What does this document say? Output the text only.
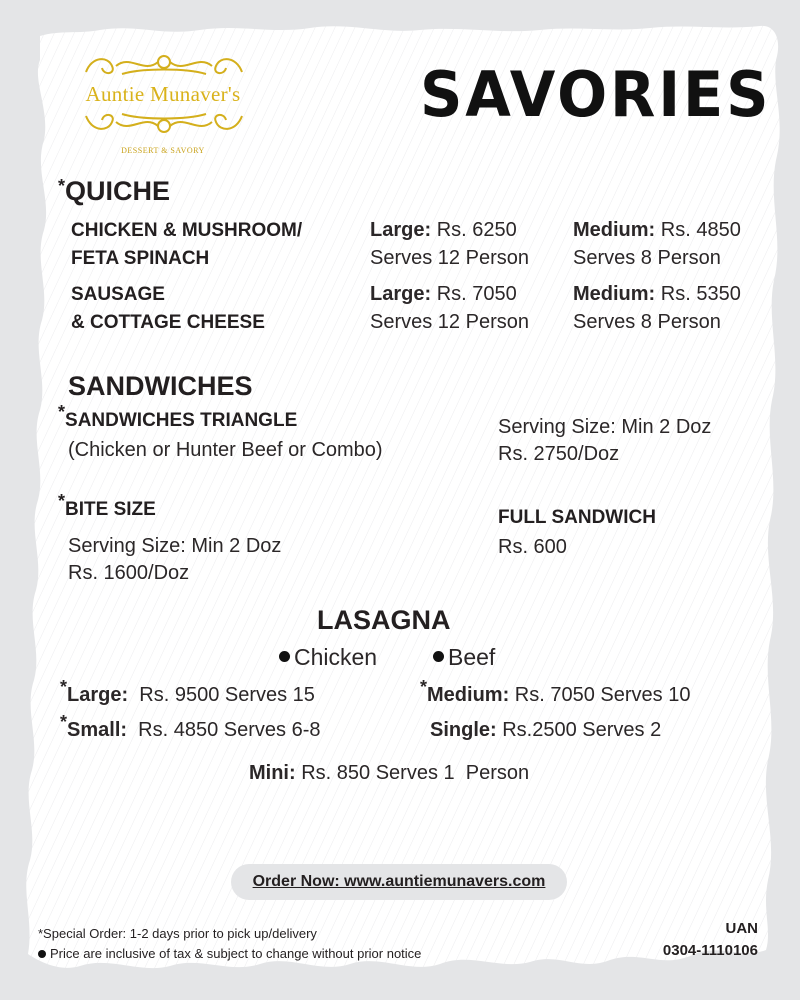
Auntie Munaver's
DESSERT & SAVORY
SAVORIES
*QUICHE
CHICKEN & MUSHROOM/
FETA SPINACH
Large: Rs. 6250
Serves 12 Person
Medium: Rs. 4850
Serves 8 Person
SAUSAGE
& COTTAGE CHEESE
Large: Rs. 7050
Serves 12 Person
Medium: Rs. 5350
Serves 8 Person
SANDWICHES
*SANDWICHES TRIANGLE
(Chicken or Hunter Beef or Combo)
Serving Size: Min 2 Doz
Rs. 2750/Doz
*BITE SIZE
Serving Size: Min 2 Doz
Rs. 1600/Doz
FULL SANDWICH
Rs. 600
LASAGNA
Chicken	Beef
*Large: Rs. 9500 Serves 15	*Medium: Rs. 7050 Serves 10
*Small: Rs. 4850 Serves 6-8	Single: Rs.2500 Serves 2
Mini: Rs. 850 Serves 1  Person
Order Now: www.auntiemunavers.com
*Special Order: 1-2 days prior to pick up/delivery
Price are inclusive of tax & subject to change without prior notice
UAN
0304-1110106
